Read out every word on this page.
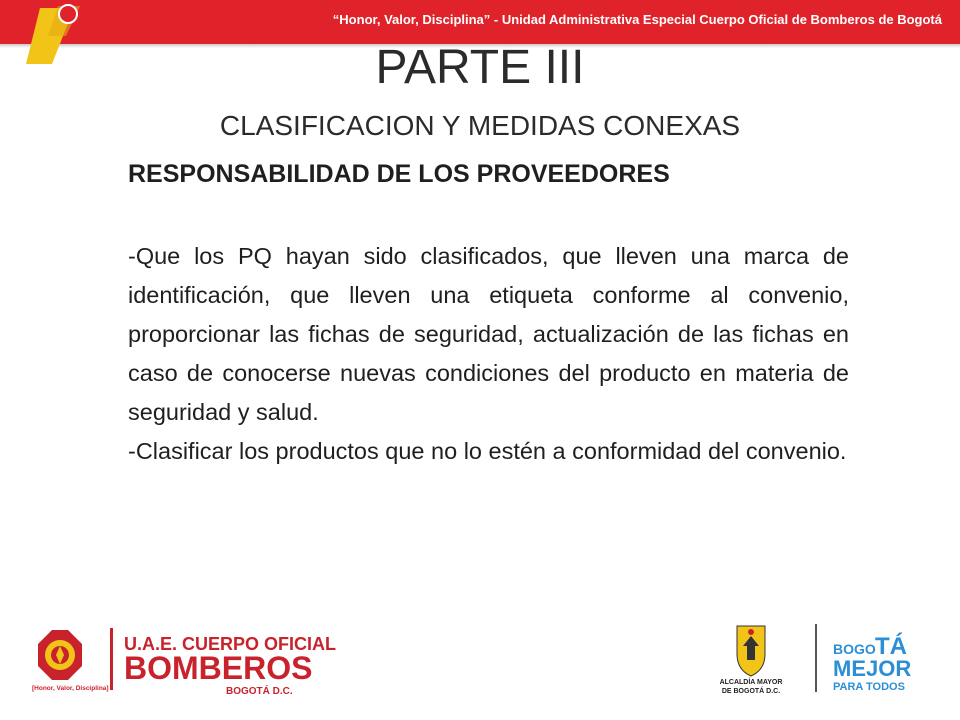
“Honor, Valor, Disciplina” - Unidad Administrativa Especial Cuerpo Oficial de Bomberos de Bogotá
PARTE III
CLASIFICACION Y MEDIDAS CONEXAS
RESPONSABILIDAD DE LOS PROVEEDORES

-Que los PQ hayan sido clasificados, que lleven una marca de identificación, que lleven una etiqueta conforme al convenio, proporcionar las fichas de seguridad, actualización de las fichas en caso de conocerse nuevas condiciones del producto en materia de seguridad y salud.

-Clasificar los productos que no lo estén a conformidad del convenio.

[Honor, Valor, Disciplina]
U.A.E. CUERPO OFICIAL
BOMBEROS
BOGOTÁ D.C.
ALCALDÍA MAYOR
DE BOGOTÁ D.C.
BOGO TÁ
MEJOR
PARA TODOS
